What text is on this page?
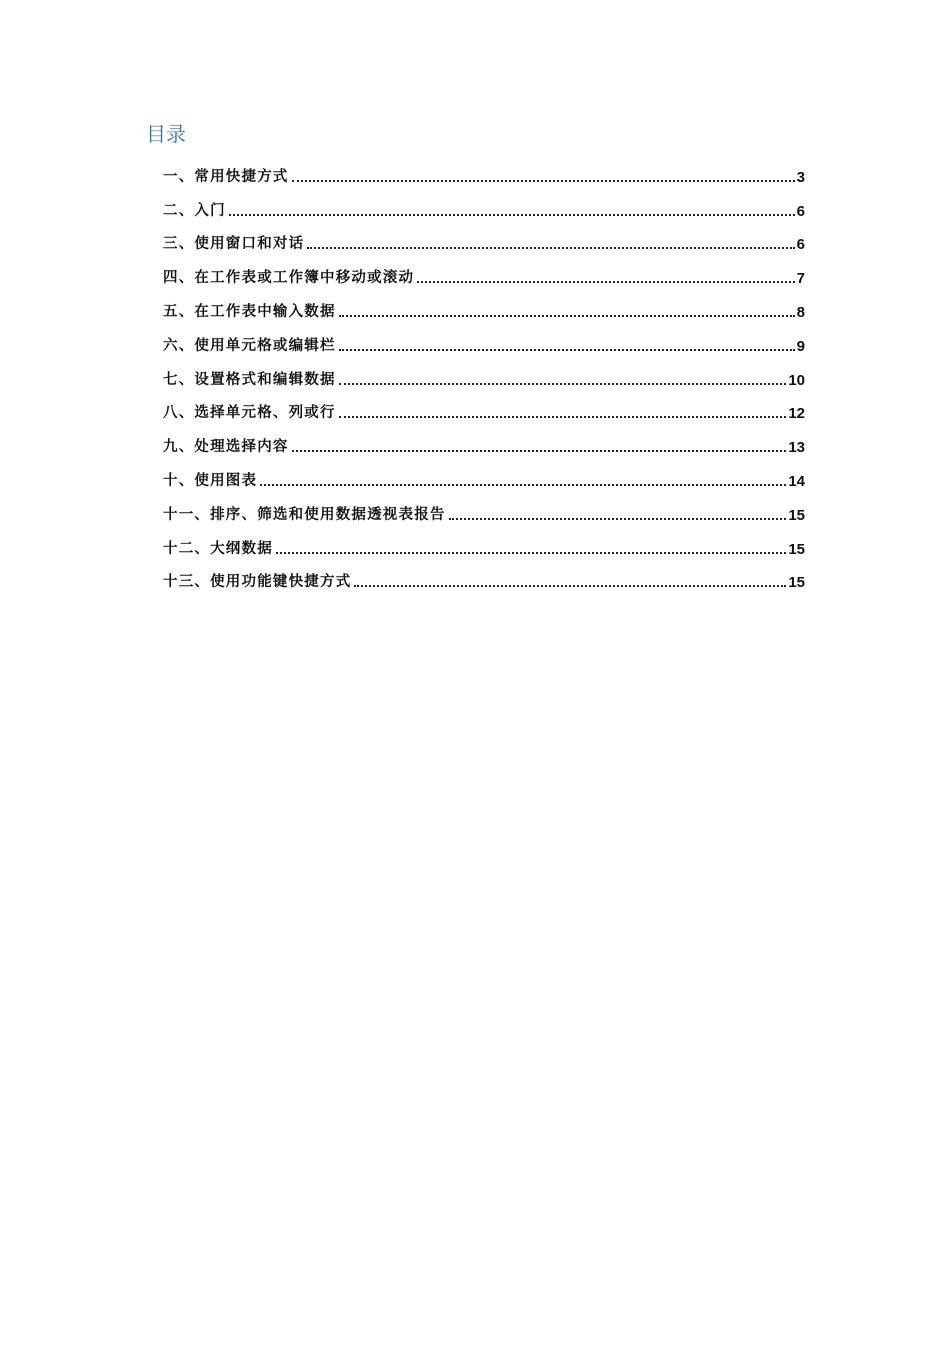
目录
一、常用快捷方式	3
二、入门	6
三、使用窗口和对话	6
四、在工作表或工作簿中移动或滚动	7
五、在工作表中输入数据	8
六、使用单元格或编辑栏	9
七、设置格式和编辑数据	10
八、选择单元格、列或行	12
九、处理选择内容	13
十、使用图表	14
十一、排序、筛选和使用数据透视表报告	15
十二、大纲数据	15
十三、使用功能键快捷方式	15
